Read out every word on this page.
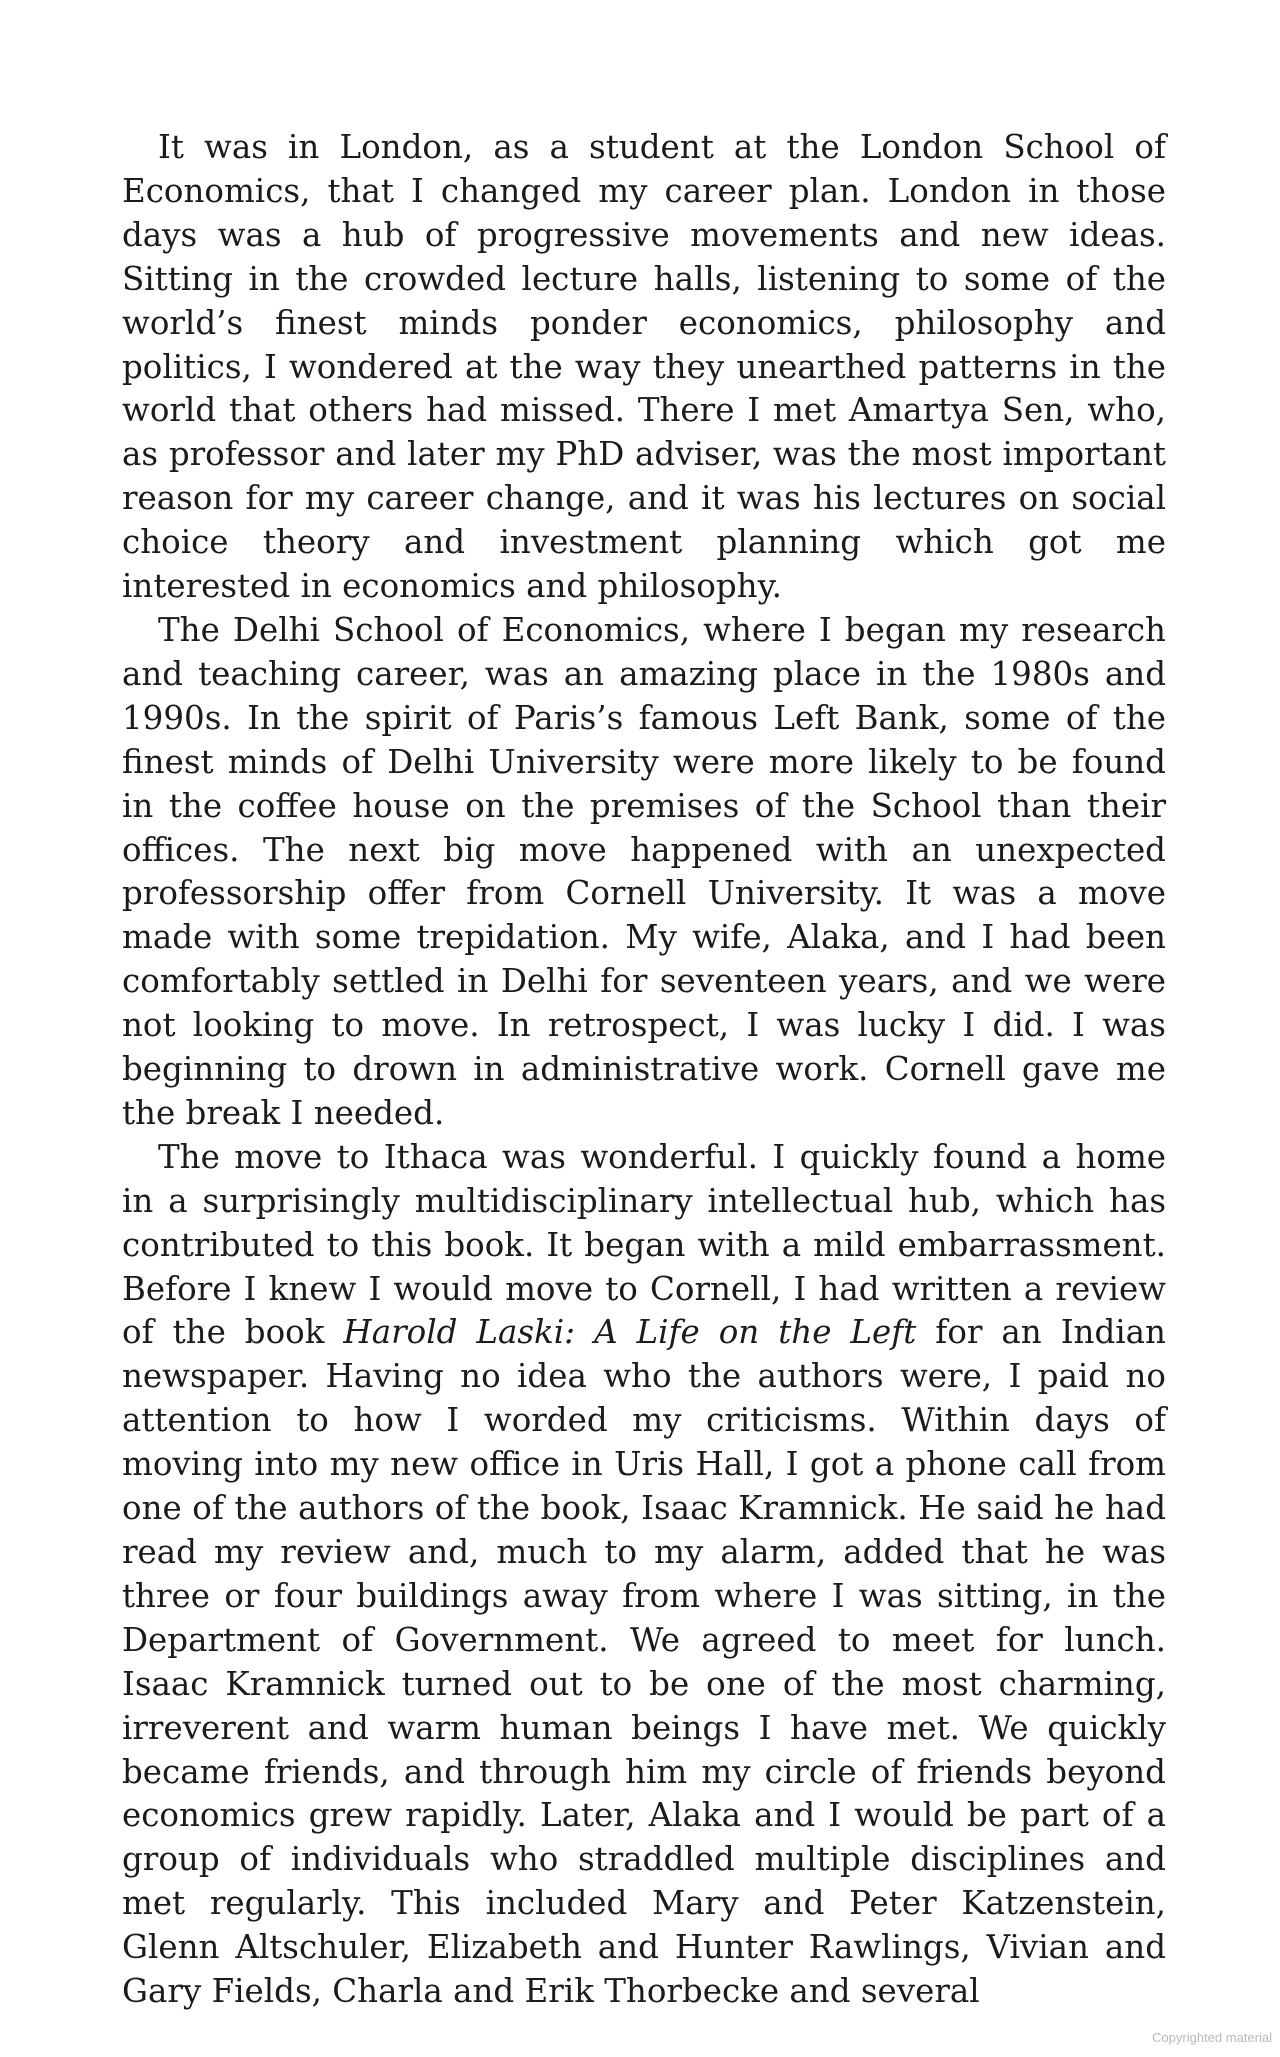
It was in London, as a student at the London School of Economics, that I changed my career plan. London in those days was a hub of progressive movements and new ideas. Sitting in the crowded lecture halls, listening to some of the world’s finest minds ponder economics, philosophy and politics, I wondered at the way they unearthed patterns in the world that others had missed. There I met Amartya Sen, who, as professor and later my PhD adviser, was the most important reason for my career change, and it was his lectures on social choice theory and investment planning which got me interested in economics and philosophy.

The Delhi School of Economics, where I began my research and teaching career, was an amazing place in the 1980s and 1990s. In the spirit of Paris’s famous Left Bank, some of the finest minds of Delhi University were more likely to be found in the coffee house on the premises of the School than their offices. The next big move happened with an unexpected professorship offer from Cornell University. It was a move made with some trepidation. My wife, Alaka, and I had been comfortably settled in Delhi for seventeen years, and we were not looking to move. In retrospect, I was lucky I did. I was beginning to drown in administrative work. Cornell gave me the break I needed.

The move to Ithaca was wonderful. I quickly found a home in a surprisingly multidisciplinary intellectual hub, which has contributed to this book. It began with a mild embarrassment. Before I knew I would move to Cornell, I had written a review of the book Harold Laski: A Life on the Left for an Indian newspaper. Having no idea who the authors were, I paid no attention to how I worded my criticisms. Within days of moving into my new office in Uris Hall, I got a phone call from one of the authors of the book, Isaac Kramnick. He said he had read my review and, much to my alarm, added that he was three or four buildings away from where I was sitting, in the Department of Government. We agreed to meet for lunch. Isaac Kramnick turned out to be one of the most charming, irreverent and warm human beings I have met. We quickly became friends, and through him my circle of friends beyond economics grew rapidly. Later, Alaka and I would be part of a group of individuals who straddled multiple disciplines and met regularly. This included Mary and Peter Katzenstein, Glenn Altschuler, Elizabeth and Hunter Rawlings, Vivian and Gary Fields, Charla and Erik Thorbecke and several

Copyrighted material
